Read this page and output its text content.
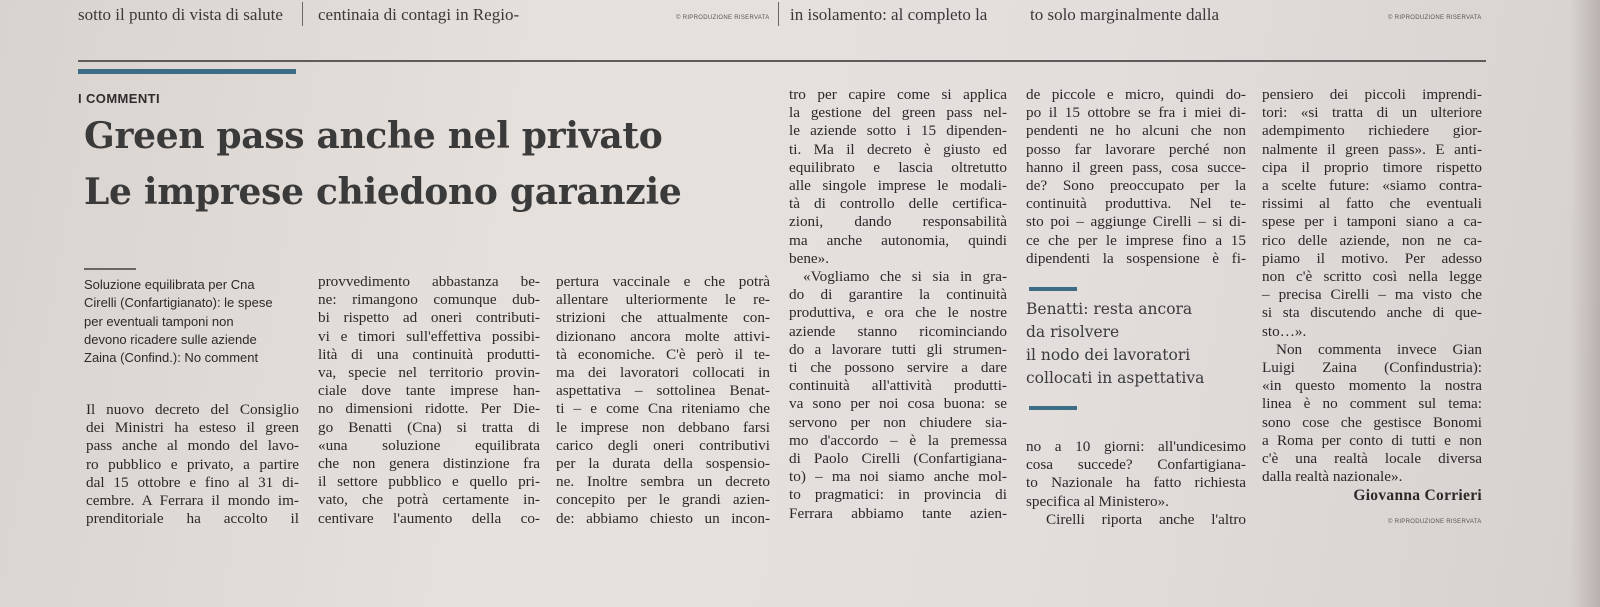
sotto il punto di vista di salute centinaia di contagi in Regio-	© RIPRODUZIONE RISERVATA in isolamento: al completo la	to solo marginalmente dalla	© RIPRODUZIONE RISERVATA
I COMMENTI
Green pass anche nel privato
Le imprese chiedono garanzie
Soluzione equilibrata per Cna
Cirelli (Confartigianato): le spese
per eventuali tamponi non
devono ricadere sulle aziende
Zaina (Confind.): No comment
Il nuovo decreto del Consiglio
dei Ministri ha esteso il green
pass anche al mondo del lavo-
ro pubblico e privato, a partire
dal 15 ottobre e fino al 31 di-
cembre. A Ferrara il mondo im-
prenditoriale ha accolto il
provvedimento abbastanza be-
ne: rimangono comunque dub-
bi rispetto ad oneri contributi-
vi e timori sull'effettiva possibi-
lità di una continuità produtti-
va, specie nel territorio provin-
ciale dove tante imprese han-
no dimensioni ridotte. Per Die-
go Benatti (Cna) si tratta di
«una soluzione equilibrata
che non genera distinzione fra
il settore pubblico e quello pri-
vato, che potrà certamente in-
centivare l'aumento della co-
pertura vaccinale e che potrà
allentare ulteriormente le re-
strizioni che attualmente con-
dizionano ancora molte attivi-
tà economiche. C'è però il te-
ma dei lavoratori collocati in
aspettativa – sottolinea Benat-
ti – e come Cna riteniamo che
le imprese non debbano farsi
carico degli oneri contributivi
per la durata della sospensio-
ne. Inoltre sembra un decreto
concepito per le grandi azien-
de: abbiamo chiesto un incon-
tro per capire come si applica
la gestione del green pass nel-
le aziende sotto i 15 dipenden-
ti. Ma il decreto è giusto ed
equilibrato e lascia oltretutto
alle singole imprese le modali-
tà di controllo delle certifica-
zioni, dando responsabilità
ma anche autonomia, quindi
bene».
«Vogliamo che si sia in gra-
do di garantire la continuità
produttiva, e ora che le nostre
aziende stanno ricominciando
do a lavorare tutti gli strumen-
ti che possono servire a dare
continuità all'attività produtti-
va sono per noi cosa buona: se
servono per non chiudere sia-
mo d'accordo – è la premessa
di Paolo Cirelli (Confartigiana-
to) – ma noi siamo anche mol-
to pragmatici: in provincia di
Ferrara abbiamo tante azien-
de piccole e micro, quindi do-
po il 15 ottobre se fra i miei di-
pendenti ne ho alcuni che non
posso far lavorare perché non
hanno il green pass, cosa succe-
de? Sono preoccupato per la
continuità produttiva. Nel te-
sto poi – aggiunge Cirelli – si di-
ce che per le imprese fino a 15
dipendenti la sospensione è fi-
Benatti: resta ancora
da risolvere
il nodo dei lavoratori
collocati in aspettativa
no a 10 giorni: all'undicesimo
cosa succede? Confartigiana-
to Nazionale ha fatto richiesta
specifica al Ministero».
Cirelli riporta anche l'altro
pensiero dei piccoli imprendi-
tori: «si tratta di un ulteriore
adempimento richiedere gior-
nalmente il green pass». E anti-
cipa il proprio timore rispetto
a scelte future: «siamo contra-
rissimi al fatto che eventuali
spese per i tamponi siano a ca-
rico delle aziende, non ne ca-
piamo il motivo. Per adesso
non c'è scritto così nella legge
– precisa Cirelli – ma visto che
si sta discutendo anche di que-
sto…».
Non commenta invece Gian
Luigi Zaina (Confindustria):
«in questo momento la nostra
linea è no comment sul tema:
sono cose che gestisce Bonomi
a Roma per conto di tutti e non
c'è una realtà locale diversa
dalla realtà nazionale».
Giovanna Corrieri
© RIPRODUZIONE RISERVATA
